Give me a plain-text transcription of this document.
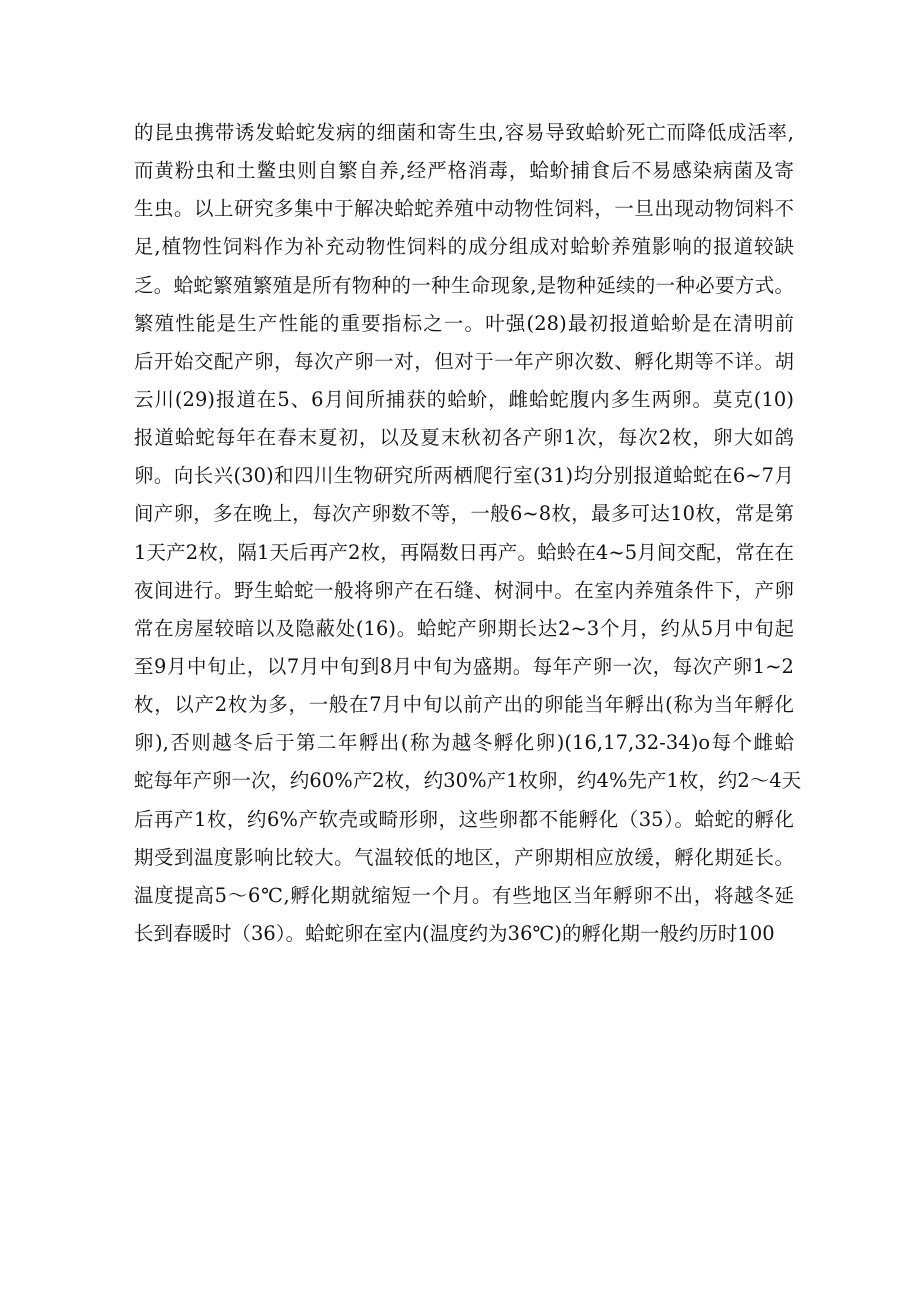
的昆虫携带诱发蛤蛇发病的细菌和寄生虫,容易导致蛤蚧死亡而降低成活率,
而黄粉虫和土鳖虫则自繁自养,经严格消毒，蛤蚧捕食后不易感染病菌及寄
生虫。以上研究多集中于解决蛤蛇养殖中动物性饲料，一旦出现动物饲料不
足,植物性饲料作为补充动物性饲料的成分组成对蛤蚧养殖影响的报道较缺
乏。蛤蛇繁殖繁殖是所有物种的一种生命现象,是物种延续的一种必要方式。
繁殖性能是生产性能的重要指标之一。叶强(28)最初报道蛤蚧是在清明前
后开始交配产卵，每次产卵一对，但对于一年产卵次数、孵化期等不详。胡
云川(29)报道在5、6月间所捕获的蛤蚧，雌蛤蛇腹内多生两卵。莫克(10)
报道蛤蛇每年在春末夏初，以及夏末秋初各产卵1次，每次2枚，卵大如鸽
卵。向长兴(30)和四川生物研究所两栖爬行室(31)均分别报道蛤蛇在6~7月
间产卵，多在晚上，每次产卵数不等，一般6~8枚，最多可达10枚，常是第
1天产2枚，隔1天后再产2枚，再隔数日再产。蛤蛉在4~5月间交配，常在在
夜间进行。野生蛤蛇一般将卵产在石缝、树洞中。在室内养殖条件下，产卵
常在房屋较暗以及隐蔽处(16)。蛤蛇产卵期长达2~3个月，约从5月中旬起
至9月中旬止，以7月中旬到8月中旬为盛期。每年产卵一次，每次产卵1~2
枚，以产2枚为多，一般在7月中旬以前产出的卵能当年孵出(称为当年孵化
卵),否则越冬后于第二年孵出(称为越冬孵化卵)(16,17,32-34)o每个雌蛤
蛇每年产卵一次，约60%产2枚，约30%产1枚卵，约4%先产1枚，约2～4天
后再产1枚，约6%产软壳或畸形卵，这些卵都不能孵化（35）。蛤蛇的孵化
期受到温度影响比较大。气温较低的地区，产卵期相应放缓，孵化期延长。
温度提高5～6℃,孵化期就缩短一个月。有些地区当年孵卵不出，将越冬延
长到春暖时（36）。蛤蛇卵在室内(温度约为36℃)的孵化期一般约历时100
